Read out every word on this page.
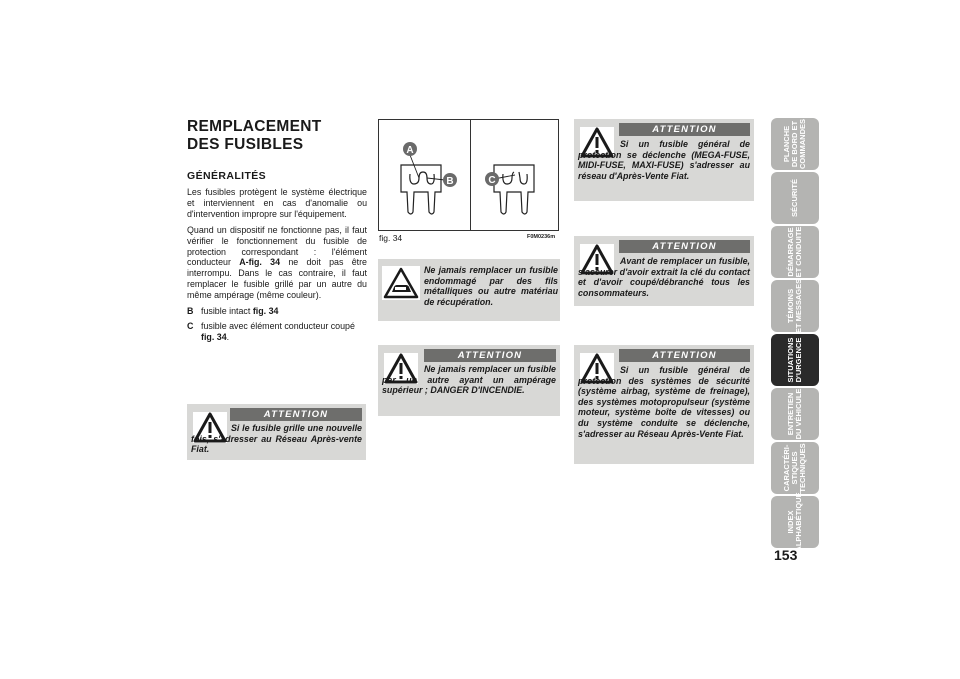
REMPLACEMENT
DES FUSIBLES
GÉNÉRALITÉS

Les fusibles protègent le système électrique et interviennent en cas d'anomalie ou d'intervention impropre sur l'équipement.

Quand un dispositif ne fonctionne pas, il faut vérifier le fonctionnement du fusible de protection correspondant : l'élément conducteur A-fig. 34 ne doit pas être interrompu. Dans le cas contraire, il faut remplacer le fusible grillé par un autre du même ampérage (même couleur).

B fusible intact fig. 34
C fusible avec élément conducteur coupé fig. 34.
ATTENTION
Si le fusible grille une nouvelle fois, s'adresser au Réseau Après-vente Fiat.
A
B	C
fig. 34	F0M0236m
Ne jamais remplacer un fusible endommagé par des fils métalliques ou autre matériau de récupération.
ATTENTION
Ne jamais remplacer un fusible par un autre ayant un ampérage supérieur ; DANGER D'INCENDIE.
ATTENTION
Si un fusible général de protection se déclenche (MEGA-FUSE, MIDI-FUSE, MAXI-FUSE) s'adresser au réseau d'Après-Vente Fiat.
ATTENTION
Avant de remplacer un fusible, s'assurer d'avoir extrait la clé du contact et d'avoir coupé/débranché tous les consommateurs.
ATTENTION
Si un fusible général de protection des systèmes de sécurité (système airbag, système de freinage), des systèmes motopropulseur (système moteur, système boîte de vitesses) ou du système conduite se déclenche, s'adresser au Réseau Après-Vente Fiat.
PLANCHE DE BORD ET COMMANDES
SÉCURITÉ
DÉMARRAGE ET CONDUITE
TÉMOINS ET MESSAGES
SITUATIONS D'URGENCE
ENTRETIEN DU VÉHICULE
CARACTÉRI- STIQUES TECHNIQUES
INDEX ALPHABÉTIQUE
153
